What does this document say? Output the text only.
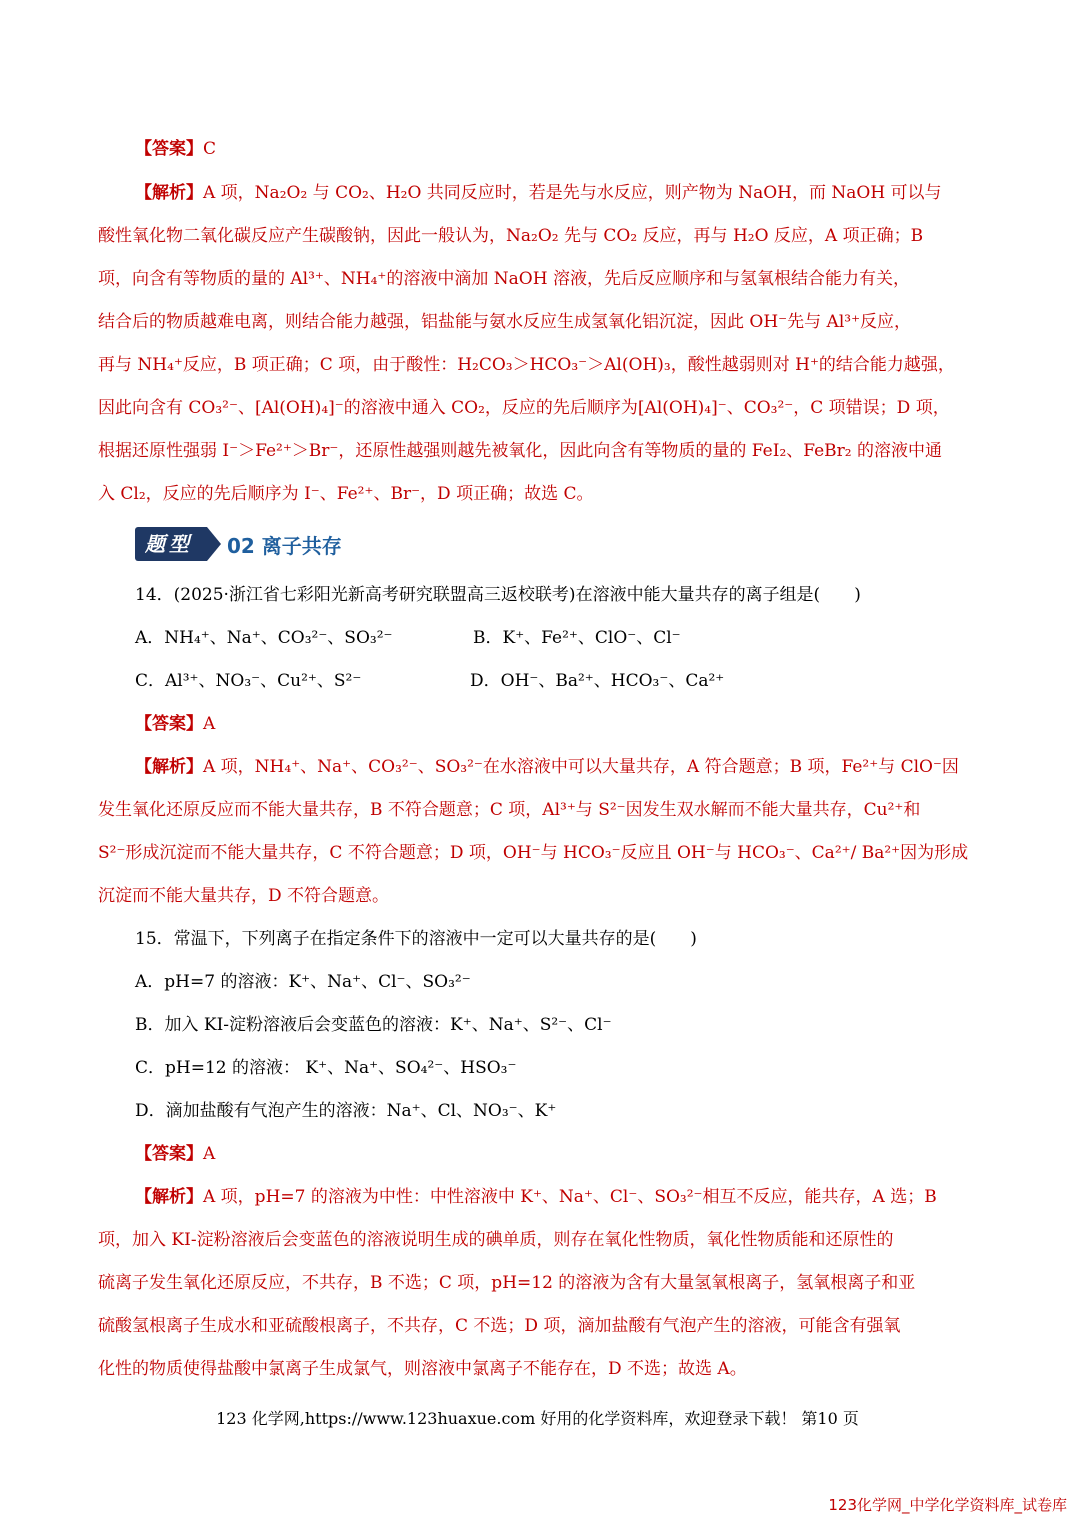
【答案】C
【解析】A 项，Na₂O₂ 与 CO₂、H₂O 共同反应时，若是先与水反应，则产物为 NaOH，而 NaOH 可以与
酸性氧化物二氧化碳反应产生碳酸钠，因此一般认为，Na₂O₂ 先与 CO₂ 反应，再与 H₂O 反应，A 项正确；B
项，向含有等物质的量的 Al³⁺、NH₄⁺的溶液中滴加 NaOH 溶液，先后反应顺序和与氢氧根结合能力有关，
结合后的物质越难电离，则结合能力越强，铝盐能与氨水反应生成氢氧化铝沉淀，因此 OH⁻先与 Al³⁺反应，
再与 NH₄⁺反应，B 项正确；C 项，由于酸性：H₂CO₃＞HCO₃⁻＞Al(OH)₃，酸性越弱则对 H⁺的结合能力越强，
因此向含有 CO₃²⁻、[Al(OH)₄]⁻的溶液中通入 CO₂，反应的先后顺序为[Al(OH)₄]⁻、CO₃²⁻，C 项错误；D 项，
根据还原性强弱 I⁻＞Fe²⁺＞Br⁻，还原性越强则越先被氧化，因此向含有等物质的量的 FeI₂、FeBr₂ 的溶液中通
入 Cl₂，反应的先后顺序为 I⁻、Fe²⁺、Br⁻，D 项正确；故选 C。
题型	02 离子共存
14．(2025·浙江省七彩阳光新高考研究联盟高三返校联考)在溶液中能大量共存的离子组是(　　)
A．NH₄⁺、Na⁺、CO₃²⁻、SO₃²⁻	B．K⁺、Fe²⁺、ClO⁻、Cl⁻
C．Al³⁺、NO₃⁻、Cu²⁺、S²⁻	D．OH⁻、Ba²⁺、HCO₃⁻、Ca²⁺
【答案】A
【解析】A 项，NH₄⁺、Na⁺、CO₃²⁻、SO₃²⁻在水溶液中可以大量共存，A 符合题意；B 项，Fe²⁺与 ClO⁻因
发生氧化还原反应而不能大量共存，B 不符合题意；C 项，Al³⁺与 S²⁻因发生双水解而不能大量共存，Cu²⁺和
S²⁻形成沉淀而不能大量共存，C 不符合题意；D 项，OH⁻与 HCO₃⁻反应且 OH⁻与 HCO₃⁻、Ca²⁺/ Ba²⁺因为形成
沉淀而不能大量共存，D 不符合题意。
15．常温下，下列离子在指定条件下的溶液中一定可以大量共存的是(　　)
A．pH=7 的溶液：K⁺、Na⁺、Cl⁻、SO₃²⁻
B．加入 KI-淀粉溶液后会变蓝色的溶液：K⁺、Na⁺、S²⁻、Cl⁻
C．pH=12 的溶液： K⁺、Na⁺、SO₄²⁻、HSO₃⁻
D．滴加盐酸有气泡产生的溶液：Na⁺、Cl、NO₃⁻、K⁺
【答案】A
【解析】A 项，pH=7 的溶液为中性：中性溶液中 K⁺、Na⁺、Cl⁻、SO₃²⁻相互不反应，能共存，A 选；B
项，加入 KI-淀粉溶液后会变蓝色的溶液说明生成的碘单质，则存在氧化性物质，氧化性物质能和还原性的
硫离子发生氧化还原反应，不共存，B 不选；C 项，pH=12 的溶液为含有大量氢氧根离子，氢氧根离子和亚
硫酸氢根离子生成水和亚硫酸根离子，不共存，C 不选；D 项，滴加盐酸有气泡产生的溶液，可能含有强氧
化性的物质使得盐酸中氯离子生成氯气，则溶液中氯离子不能存在，D 不选；故选 A。
123 化学网,https://www.123huaxue.com 好用的化学资料库，欢迎登录下载！ 第10 页
123化学网_中学化学资料库_试卷库
